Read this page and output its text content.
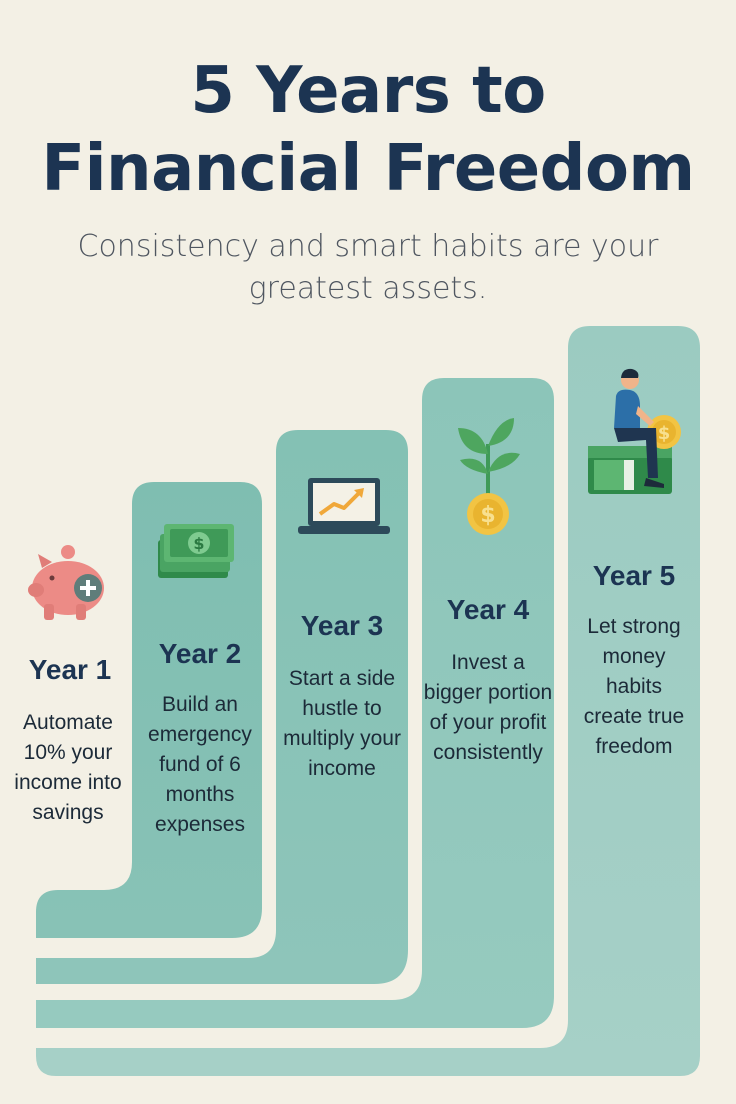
5 Years to
Financial Freedom
Consistency and smart habits are your greatest assets.
$
$
$
Year 1
Automate 10% your income into savings
Year 2
Build an emergency fund of 6 months expenses
Year 3
Start a side hustle to multiply your income
Year 4
Invest a bigger portion of your profit consistently
Year 5
Let strong money habits create true freedom
